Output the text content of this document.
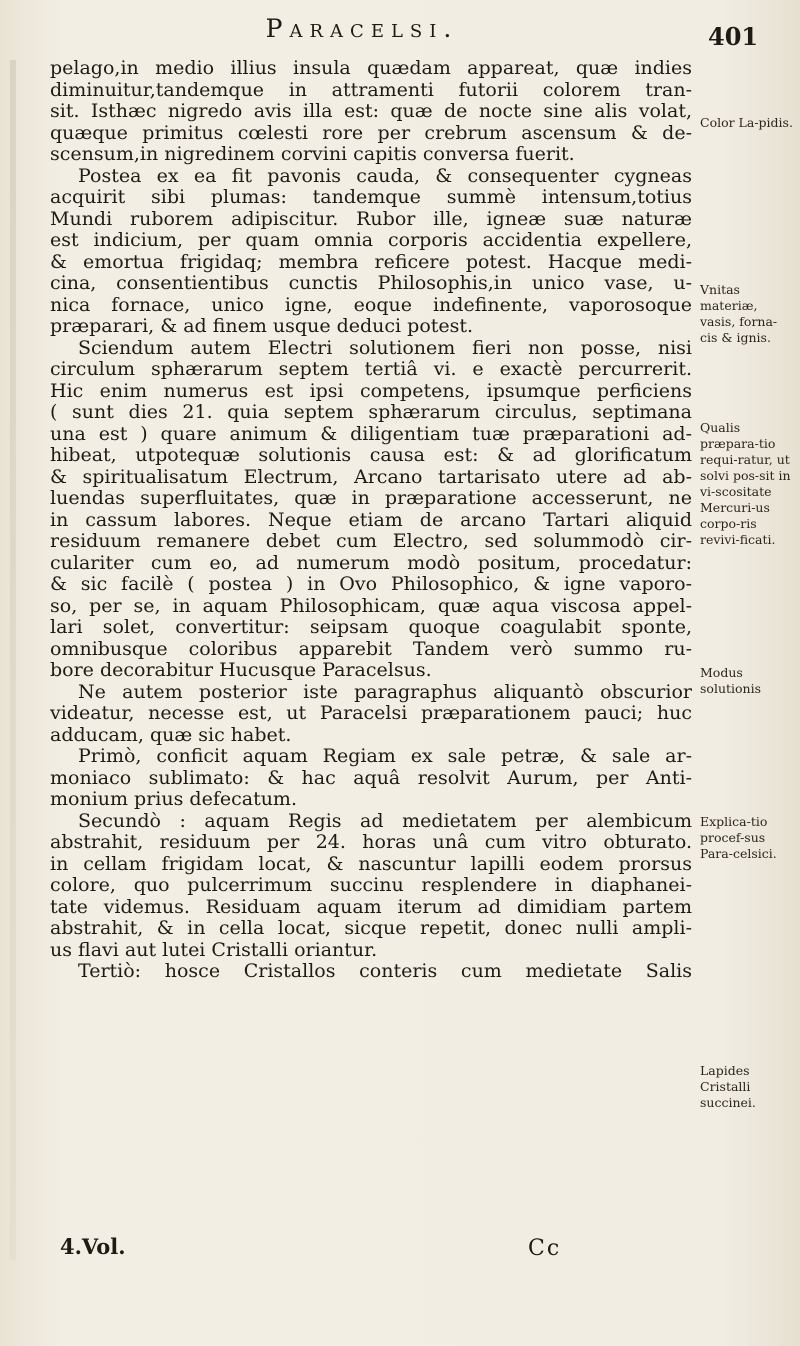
Paracelsi.	401
pelago,in medio illius insula quædam appareat, quæ indies
diminuitur,tandemque in attramenti futorii colorem tran-
sit. Isthæc nigredo avis illa est: quæ de nocte sine alis volat,
quæque primitus cœlesti rore per crebrum ascensum & de-
scensum,in nigredinem corvini capitis conversa fuerit.
Postea ex ea fit pavonis cauda, & consequenter cygneas
acquirit sibi plumas: tandemque summè intensum,totius
Mundi ruborem adipiscitur. Rubor ille, igneæ suæ naturæ
est indicium, per quam omnia corporis accidentia expellere,
& emortua frigidaq; membra reficere potest. Hacque medi-
cina, consentientibus cunctis Philosophis,in unico vase, u-
nica fornace, unico igne, eoque indefinente, vaporosoque
præparari, & ad finem usque deduci potest.
Sciendum autem Electri solutionem fieri non posse, nisi
circulum sphærarum septem tertiâ vi. e exactè percurrerit.
Hic enim numerus est ipsi competens, ipsumque perficiens
( sunt dies 21. quia septem sphærarum circulus, septimana
una est ) quare animum & diligentiam tuæ præparationi ad-
hibeat, utpotequæ solutionis causa est: & ad glorificatum
& spiritualisatum Electrum, Arcano tartarisato utere ad ab-
luendas superfluitates, quæ in præparatione accesserunt, ne
in cassum labores. Neque etiam de arcano Tartari aliquid
residuum remanere debet cum Electro, sed solummodò cir-
culariter cum eo, ad numerum modò positum, procedatur:
& sic facilè ( postea ) in Ovo Philosophico, & igne vaporo-
so, per se, in aquam Philosophicam, quæ aqua viscosa appel-
lari solet, convertitur: seipsam quoque coagulabit sponte,
omnibusque coloribus apparebit Tandem verò summo ru-
bore decorabitur Hucusque Paracelsus.
Ne autem posterior iste paragraphus aliquantò obscurior
videatur, necesse est, ut Paracelsi præparationem pauci; huc
adducam, quæ sic habet.
Primò, conficit aquam Regiam ex sale petræ, & sale ar-
moniaco sublimato: & hac aquâ resolvit Aurum, per Anti-
monium prius defecatum.
Secundò : aquam Regis ad medietatem per alembicum
abstrahit, residuum per 24. horas unâ cum vitro obturato.
in cellam frigidam locat, & nascuntur lapilli eodem prorsus
colore, quo pulcerrimum succinu resplendere in diaphanei-
tate videmus. Residuam aquam iterum ad dimidiam partem
abstrahit, & in cella locat, sicque repetit, donec nulli ampli-
us flavi aut lutei Cristalli oriantur.
Tertiò: hosce Cristallos conteris cum medietate Salis
Color La-pidis.
Vnitas materiæ, vasis, forna-cis & ignis.
Qualis præpara-tio requi-ratur, ut solvi pos-sit in vi-scositate Mercuri-us corpo-ris revivi-ficati.
Modus solutionis
Explica-tio procef-sus Para-celsici.
Lapides Cristalli succinei.
4.Vol.	Cc
